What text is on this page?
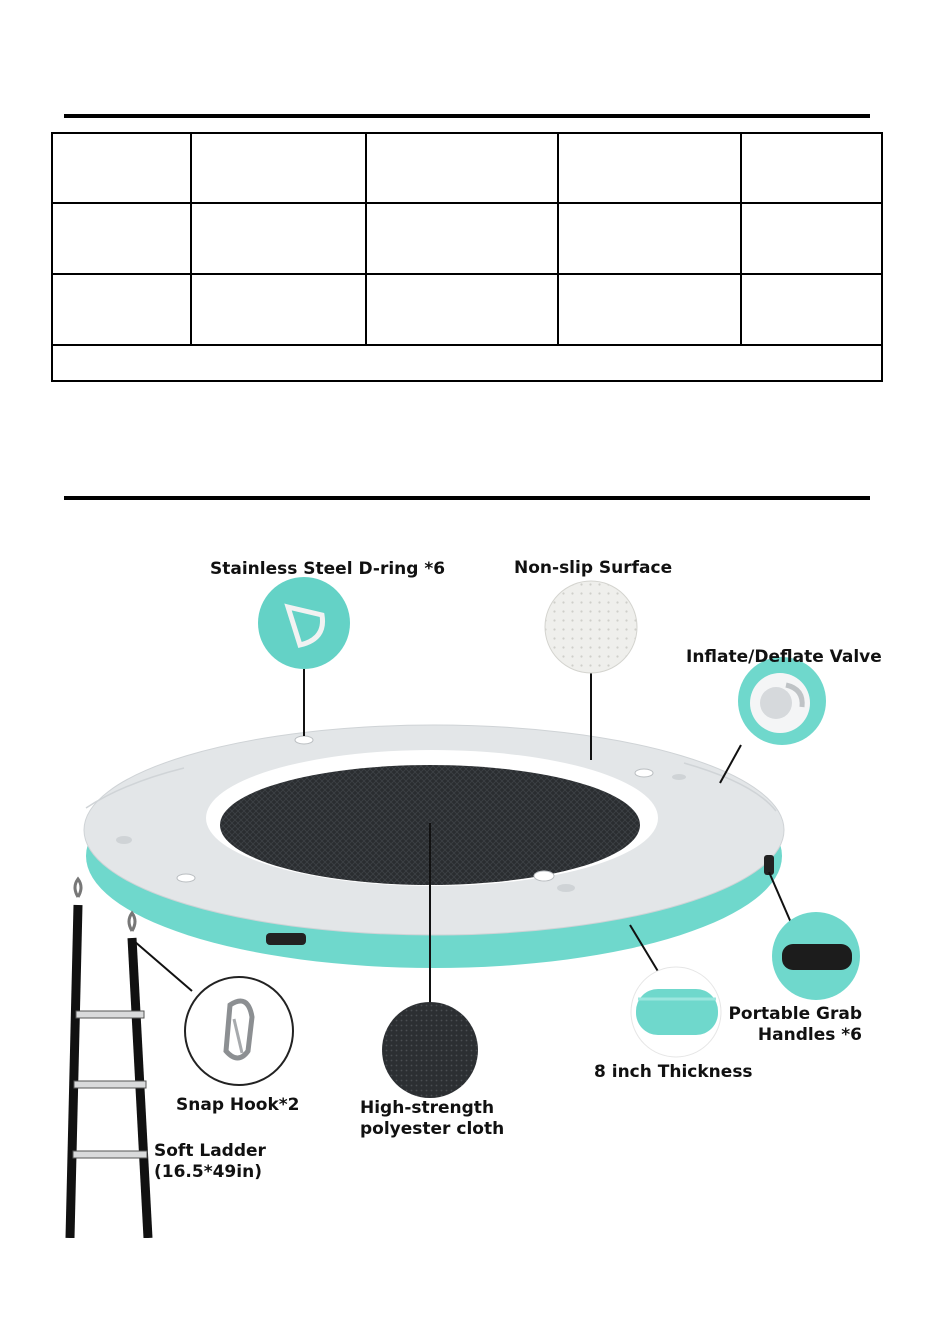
Stainless Steel D-ring *6	Non-slip Surface
Inflate/Deflate Valve
Portable Grab
Handles *6
8 inch Thickness
Snap Hook*2	High-strength
polyester cloth
Soft Ladder
(16.5*49in)
